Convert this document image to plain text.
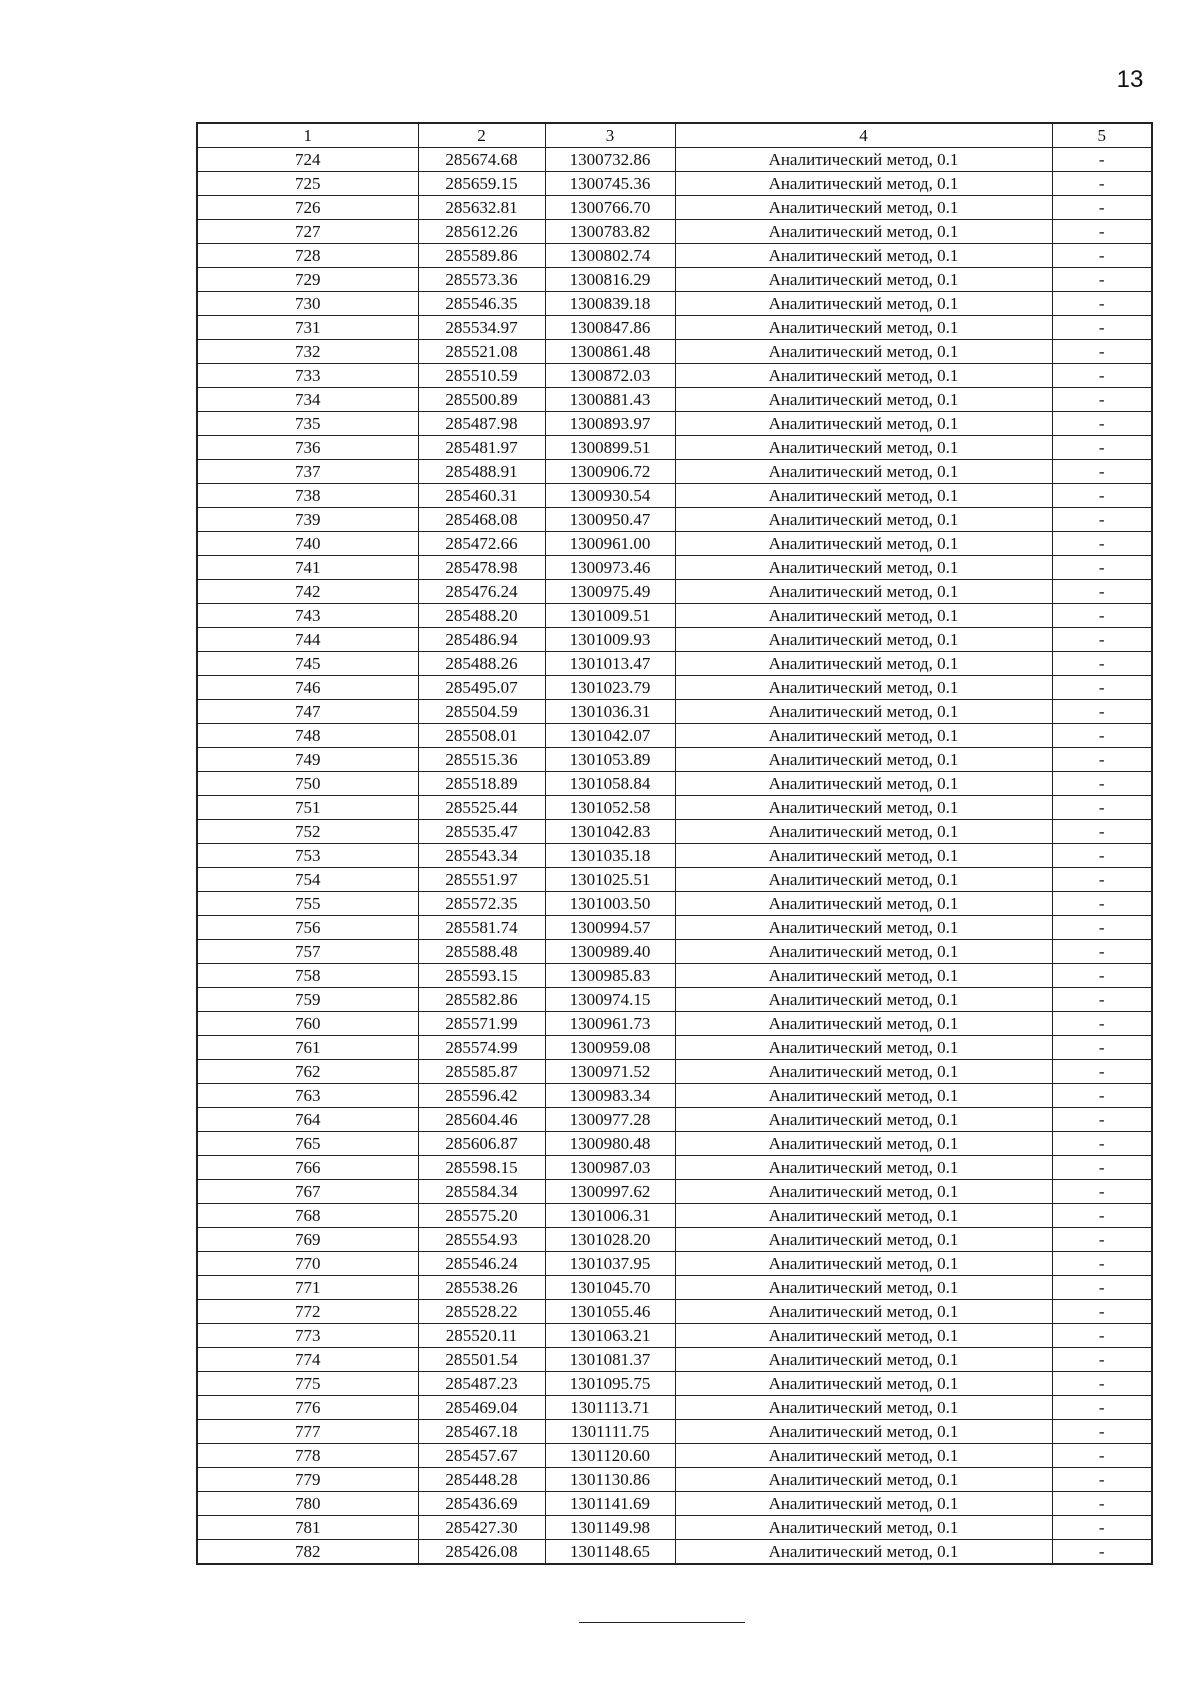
13
1	2	3	4	5
724	285674.68	1300732.86	Аналитический метод, 0.1	-
725	285659.15	1300745.36	Аналитический метод, 0.1	-
726	285632.81	1300766.70	Аналитический метод, 0.1	-
727	285612.26	1300783.82	Аналитический метод, 0.1	-
728	285589.86	1300802.74	Аналитический метод, 0.1	-
729	285573.36	1300816.29	Аналитический метод, 0.1	-
730	285546.35	1300839.18	Аналитический метод, 0.1	-
731	285534.97	1300847.86	Аналитический метод, 0.1	-
732	285521.08	1300861.48	Аналитический метод, 0.1	-
733	285510.59	1300872.03	Аналитический метод, 0.1	-
734	285500.89	1300881.43	Аналитический метод, 0.1	-
735	285487.98	1300893.97	Аналитический метод, 0.1	-
736	285481.97	1300899.51	Аналитический метод, 0.1	-
737	285488.91	1300906.72	Аналитический метод, 0.1	-
738	285460.31	1300930.54	Аналитический метод, 0.1	-
739	285468.08	1300950.47	Аналитический метод, 0.1	-
740	285472.66	1300961.00	Аналитический метод, 0.1	-
741	285478.98	1300973.46	Аналитический метод, 0.1	-
742	285476.24	1300975.49	Аналитический метод, 0.1	-
743	285488.20	1301009.51	Аналитический метод, 0.1	-
744	285486.94	1301009.93	Аналитический метод, 0.1	-
745	285488.26	1301013.47	Аналитический метод, 0.1	-
746	285495.07	1301023.79	Аналитический метод, 0.1	-
747	285504.59	1301036.31	Аналитический метод, 0.1	-
748	285508.01	1301042.07	Аналитический метод, 0.1	-
749	285515.36	1301053.89	Аналитический метод, 0.1	-
750	285518.89	1301058.84	Аналитический метод, 0.1	-
751	285525.44	1301052.58	Аналитический метод, 0.1	-
752	285535.47	1301042.83	Аналитический метод, 0.1	-
753	285543.34	1301035.18	Аналитический метод, 0.1	-
754	285551.97	1301025.51	Аналитический метод, 0.1	-
755	285572.35	1301003.50	Аналитический метод, 0.1	-
756	285581.74	1300994.57	Аналитический метод, 0.1	-
757	285588.48	1300989.40	Аналитический метод, 0.1	-
758	285593.15	1300985.83	Аналитический метод, 0.1	-
759	285582.86	1300974.15	Аналитический метод, 0.1	-
760	285571.99	1300961.73	Аналитический метод, 0.1	-
761	285574.99	1300959.08	Аналитический метод, 0.1	-
762	285585.87	1300971.52	Аналитический метод, 0.1	-
763	285596.42	1300983.34	Аналитический метод, 0.1	-
764	285604.46	1300977.28	Аналитический метод, 0.1	-
765	285606.87	1300980.48	Аналитический метод, 0.1	-
766	285598.15	1300987.03	Аналитический метод, 0.1	-
767	285584.34	1300997.62	Аналитический метод, 0.1	-
768	285575.20	1301006.31	Аналитический метод, 0.1	-
769	285554.93	1301028.20	Аналитический метод, 0.1	-
770	285546.24	1301037.95	Аналитический метод, 0.1	-
771	285538.26	1301045.70	Аналитический метод, 0.1	-
772	285528.22	1301055.46	Аналитический метод, 0.1	-
773	285520.11	1301063.21	Аналитический метод, 0.1	-
774	285501.54	1301081.37	Аналитический метод, 0.1	-
775	285487.23	1301095.75	Аналитический метод, 0.1	-
776	285469.04	1301113.71	Аналитический метод, 0.1	-
777	285467.18	1301111.75	Аналитический метод, 0.1	-
778	285457.67	1301120.60	Аналитический метод, 0.1	-
779	285448.28	1301130.86	Аналитический метод, 0.1	-
780	285436.69	1301141.69	Аналитический метод, 0.1	-
781	285427.30	1301149.98	Аналитический метод, 0.1	-
782	285426.08	1301148.65	Аналитический метод, 0.1	-
